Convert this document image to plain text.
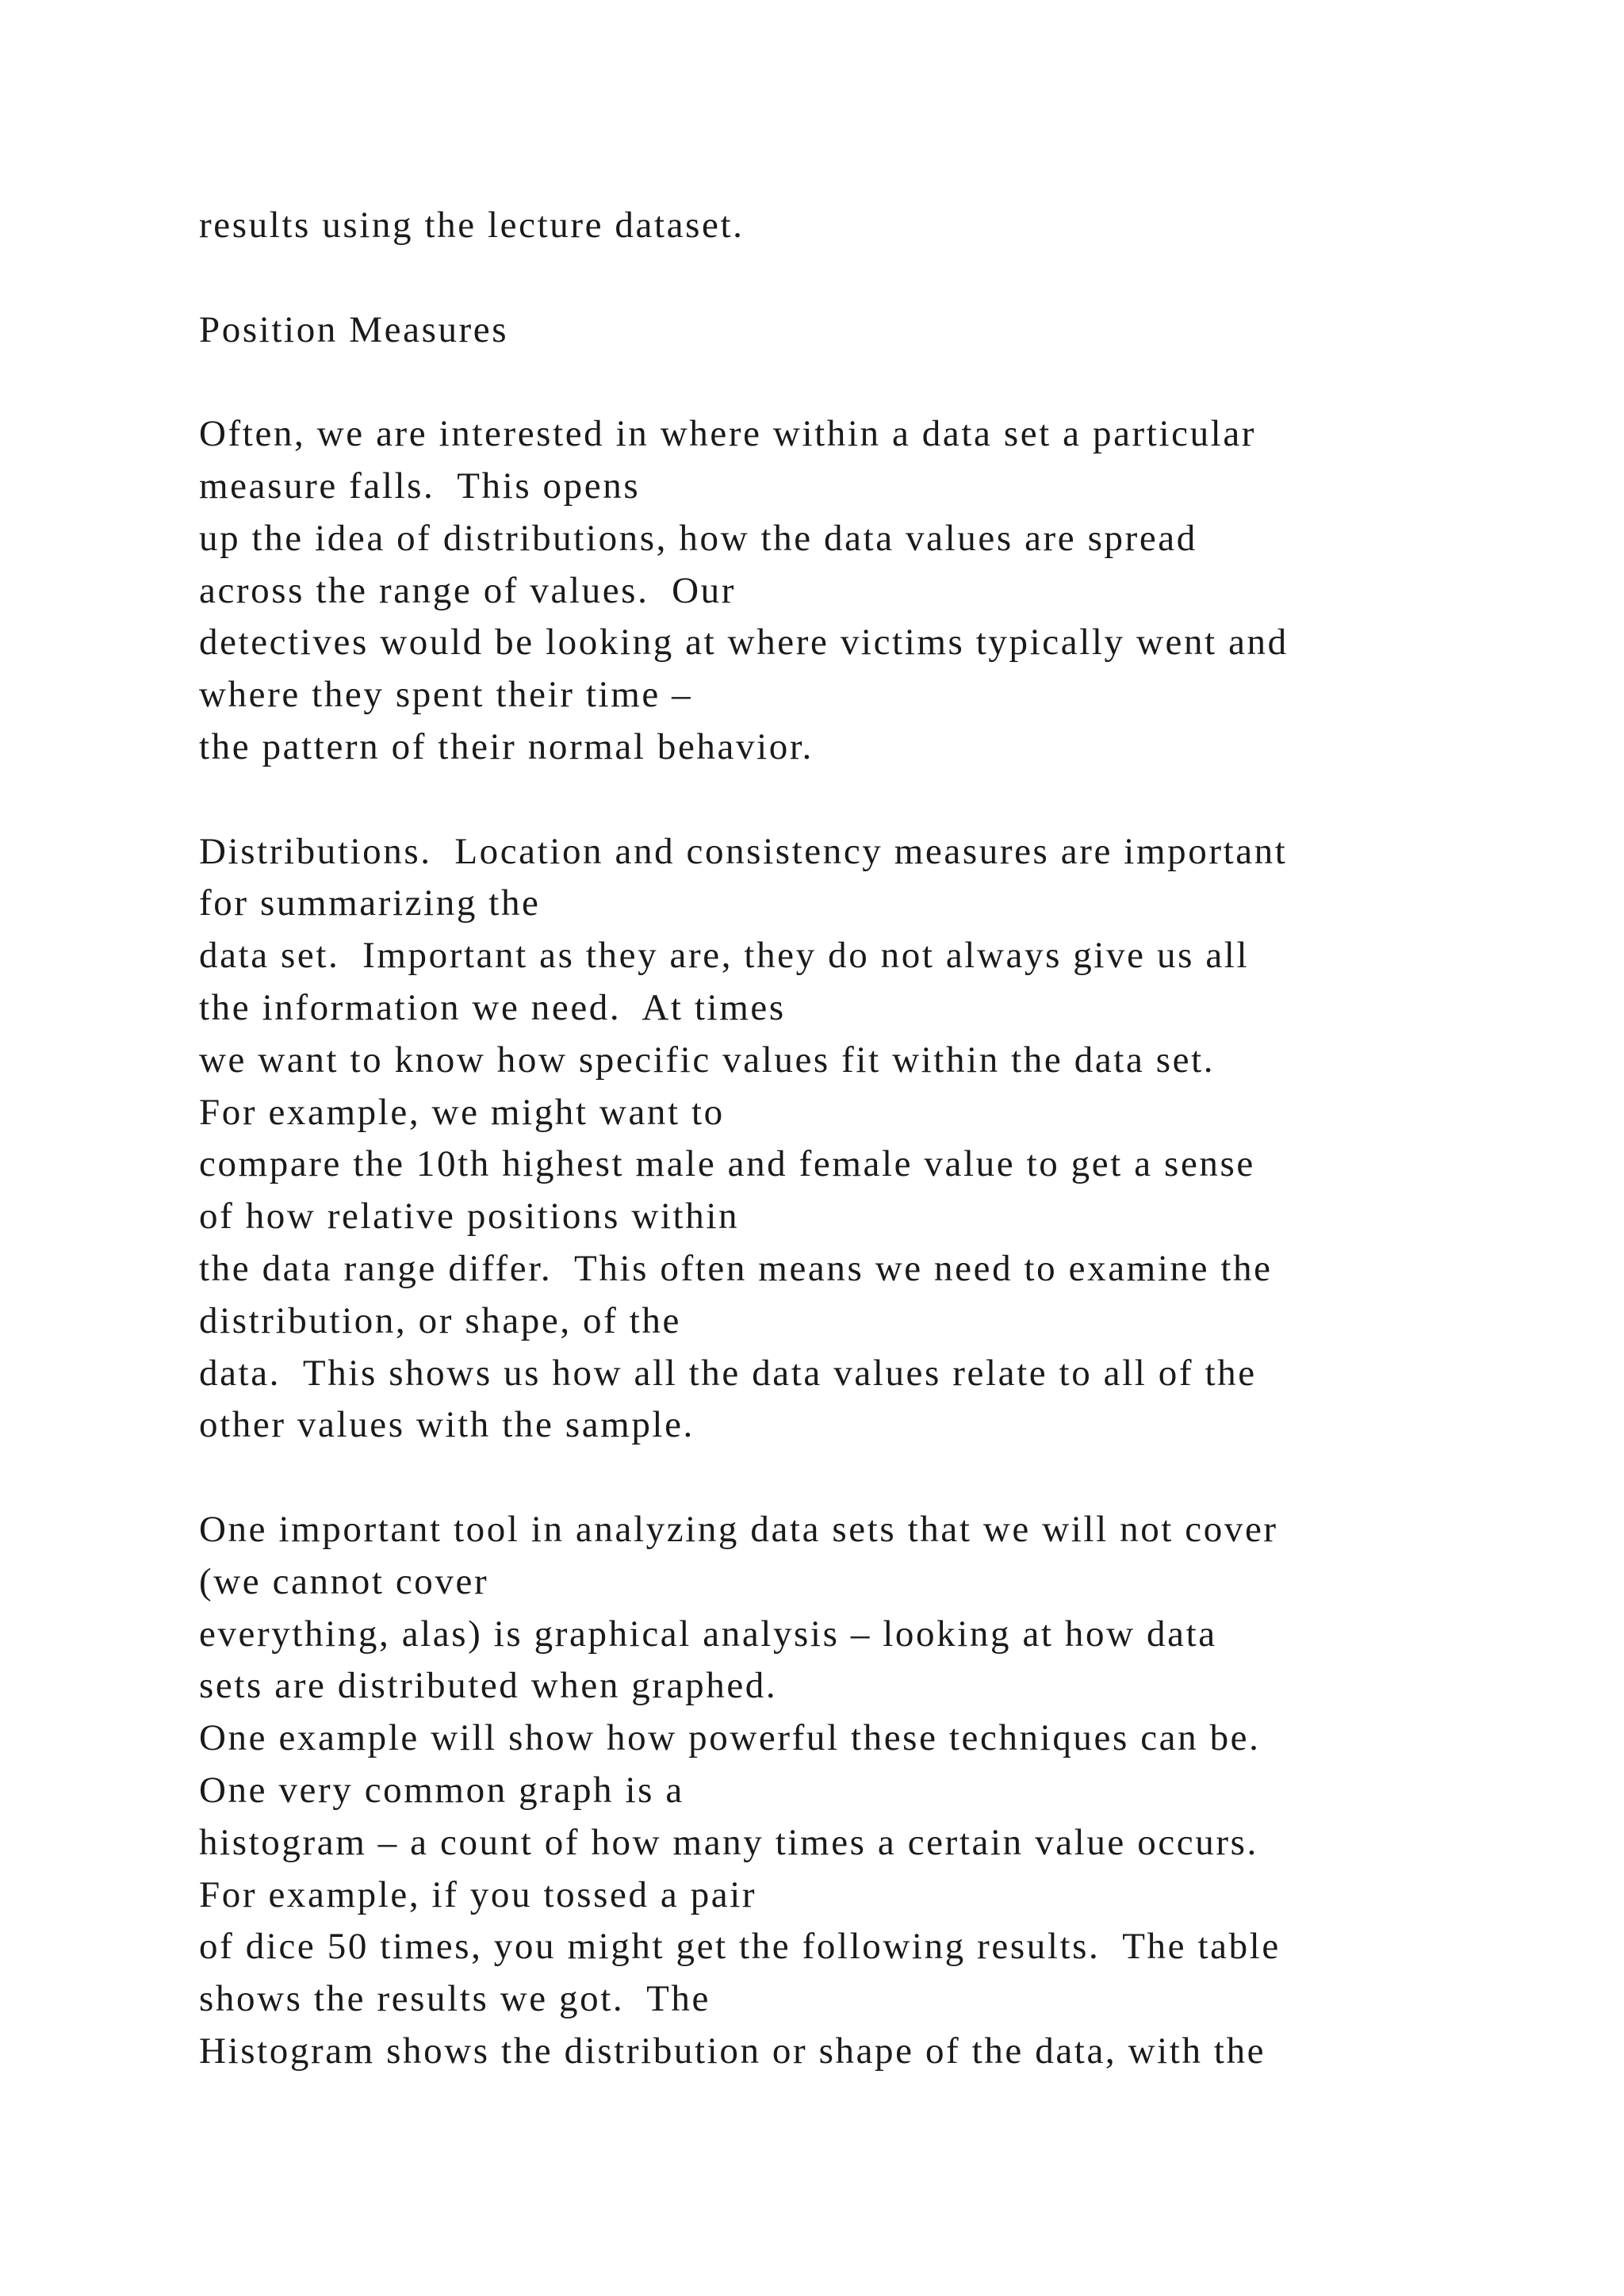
results using the lecture dataset.
Position Measures
Often, we are interested in where within a data set a particular
measure falls.  This opens
up the idea of distributions, how the data values are spread
across the range of values.  Our
detectives would be looking at where victims typically went and
where they spent their time –
the pattern of their normal behavior.
Distributions.  Location and consistency measures are important
for summarizing the
data set.  Important as they are, they do not always give us all
the information we need.  At times
we want to know how specific values fit within the data set.
For example, we might want to
compare the 10th highest male and female value to get a sense
of how relative positions within
the data range differ.  This often means we need to examine the
distribution, or shape, of the
data.  This shows us how all the data values relate to all of the
other values with the sample.
One important tool in analyzing data sets that we will not cover
(we cannot cover
everything, alas) is graphical analysis – looking at how data
sets are distributed when graphed.
One example will show how powerful these techniques can be.
One very common graph is a
histogram – a count of how many times a certain value occurs.
For example, if you tossed a pair
of dice 50 times, you might get the following results.  The table
shows the results we got.  The
Histogram shows the distribution or shape of the data, with the
